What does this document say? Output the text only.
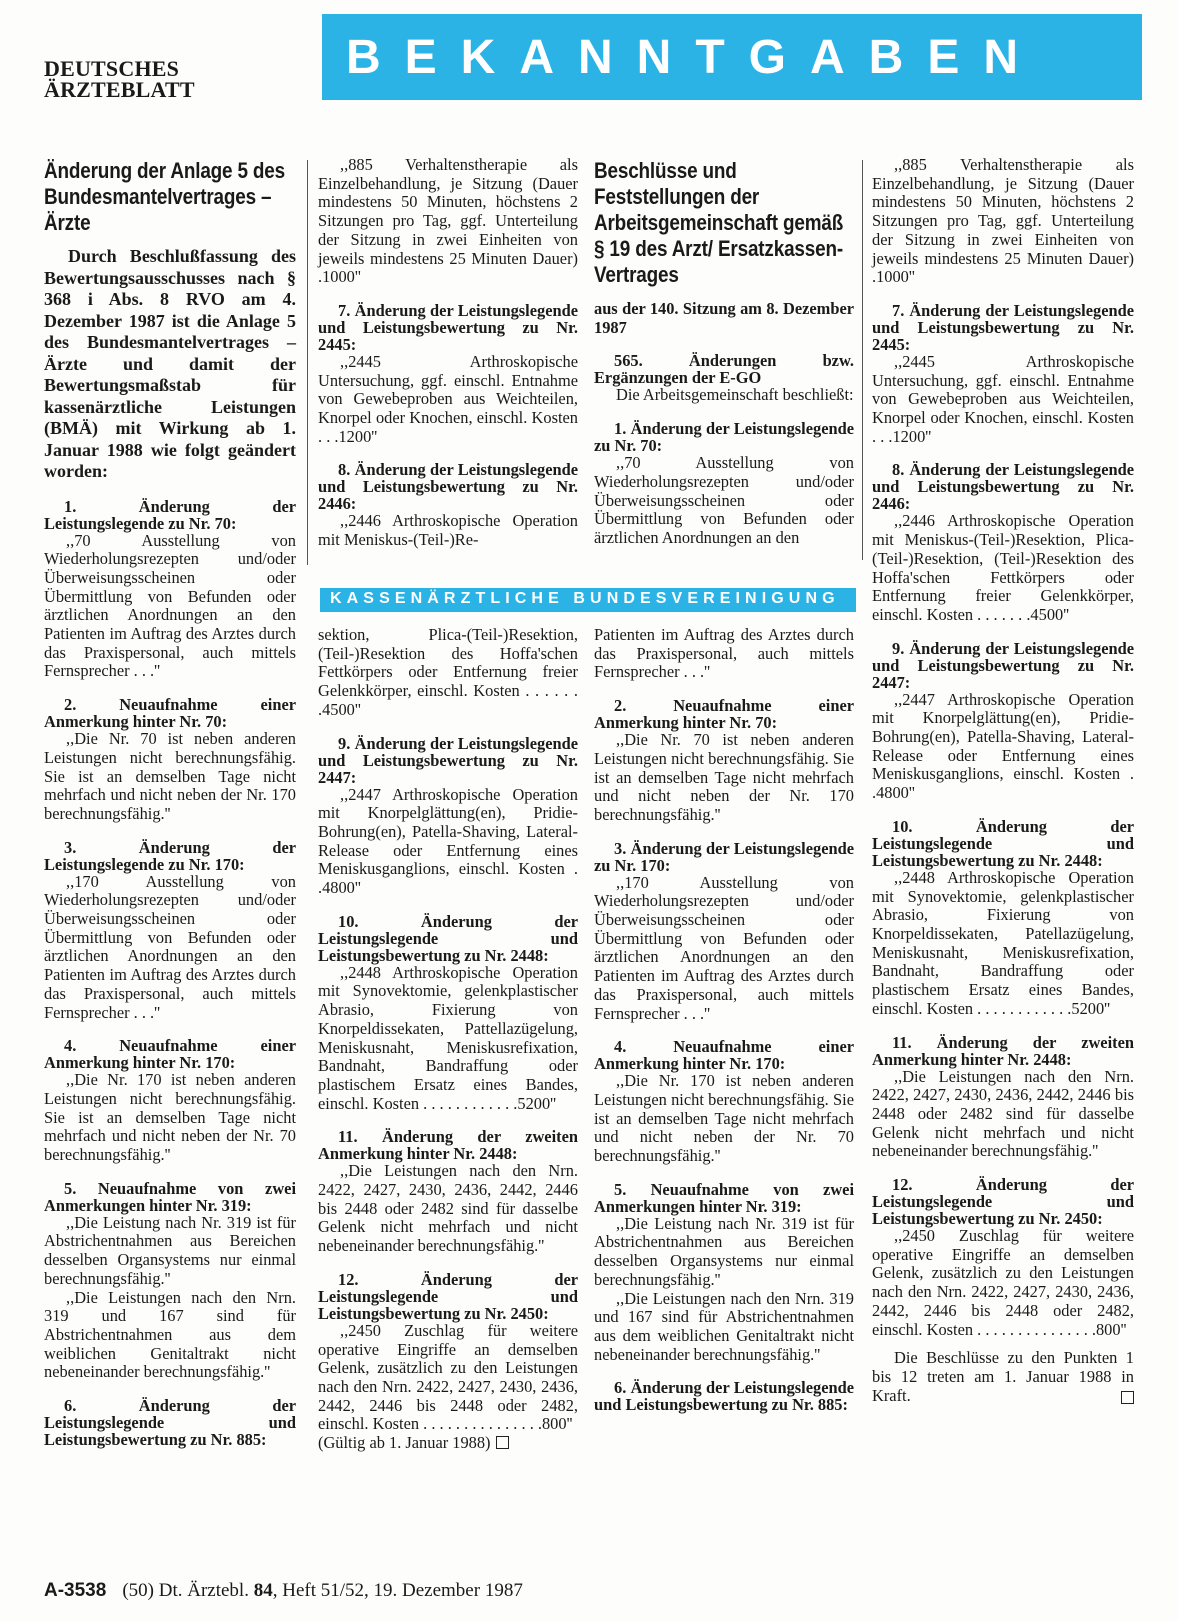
DEUTSCHES
ÄRZTEBLATT
BEKANNTGABEN

Änderung der Anlage 5 des Bundesmantelvertrages – Ärzte

Durch Beschlußfassung des Bewertungsausschusses nach § 368 i Abs. 8 RVO am 4. Dezember 1987 ist die Anlage 5 des Bundesmantelvertrages – Ärzte und damit der Bewertungsmaßstab für kassenärztliche Leistungen (BMÄ) mit Wirkung ab 1. Januar 1988 wie folgt geändert worden:

1. Änderung der Leistungslegende zu Nr. 70:

,,70 Ausstellung von Wiederholungsrezepten und/oder Überweisungsscheinen oder Übermittlung von Befunden oder ärztlichen Anordnungen an den Patienten im Auftrag des Arztes durch das Praxispersonal, auch mittels Fernsprecher . . .''

2. Neuaufnahme einer Anmerkung hinter Nr. 70:

,,Die Nr. 70 ist neben anderen Leistungen nicht berechnungsfähig. Sie ist an demselben Tage nicht mehrfach und nicht neben der Nr. 170 berechnungsfähig.''

3. Änderung der Leistungslegende zu Nr. 170:

,,170 Ausstellung von Wiederholungsrezepten und/oder Überweisungsscheinen oder Übermittlung von Befunden oder ärztlichen Anordnungen an den Patienten im Auftrag des Arztes durch das Praxispersonal, auch mittels Fernsprecher . . .''

4. Neuaufnahme einer Anmerkung hinter Nr. 170:

,,Die Nr. 170 ist neben anderen Leistungen nicht berechnungsfähig. Sie ist an demselben Tage nicht mehrfach und nicht neben der Nr. 70 berechnungsfähig.''

5. Neuaufnahme von zwei Anmerkungen hinter Nr. 319:

,,Die Leistung nach Nr. 319 ist für Abstrichentnahmen aus Bereichen desselben Organsystems nur einmal berechnungsfähig.''

,,Die Leistungen nach den Nrn. 319 und 167 sind für Abstrichentnahmen aus dem weiblichen Genitaltrakt nicht nebeneinander berechnungsfähig.''

6. Änderung der Leistungslegende und Leistungsbewertung zu Nr. 885:

,,885 Verhaltenstherapie als Einzelbehandlung, je Sitzung (Dauer mindestens 50 Minuten, höchstens 2 Sitzungen pro Tag, ggf. Unterteilung der Sitzung in zwei Einheiten von jeweils mindestens 25 Minuten Dauer) .1000''

7. Änderung der Leistungslegende und Leistungsbewertung zu Nr. 2445:

,,2445 Arthroskopische Untersuchung, ggf. einschl. Entnahme von Gewebeproben aus Weichteilen, Knorpel oder Knochen, einschl. Kosten . . .1200''

8. Änderung der Leistungslegende und Leistungsbewertung zu Nr. 2446:

,,2446 Arthroskopische Operation mit Meniskus-(Teil-)Re-

Beschlüsse und Feststellungen der Arbeitsgemeinschaft gemäß § 19 des Arzt/ Ersatzkassen-Vertrages

aus der 140. Sitzung am 8. Dezember 1987

565. Änderungen bzw. Ergänzungen der E-GO

Die Arbeitsgemeinschaft beschließt:

1. Änderung der Leistungslegende zu Nr. 70:

,,70 Ausstellung von Wiederholungsrezepten und/oder Überweisungsscheinen oder Übermittlung von Befunden oder ärztlichen Anordnungen an den

KASSENÄRZTLICHE BUNDESVEREINIGUNG

sektion, Plica-(Teil-)Resektion, (Teil-)Resektion des Hoffa'schen Fettkörpers oder Entfernung freier Gelenkkörper, einschl. Kosten . . . . . . .4500''

9. Änderung der Leistungslegende und Leistungsbewertung zu Nr. 2447:

,,2447 Arthroskopische Operation mit Knorpelglättung(en), Pridie-Bohrung(en), Patella-Shaving, Lateral-Release oder Entfernung eines Meniskusganglions, einschl. Kosten . .4800''

10. Änderung der Leistungslegende und Leistungsbewertung zu Nr. 2448:

,,2448 Arthroskopische Operation mit Synovektomie, gelenkplastischer Abrasio, Fixierung von Knorpeldissekaten, Pattellazügelung, Meniskusnaht, Meniskusrefixation, Bandnaht, Bandraffung oder plastischem Ersatz eines Bandes, einschl. Kosten . . . . . . . . . . . .5200''

11. Änderung der zweiten Anmerkung hinter Nr. 2448:

,,Die Leistungen nach den Nrn. 2422, 2427, 2430, 2436, 2442, 2446 bis 2448 oder 2482 sind für dasselbe Gelenk nicht mehrfach und nicht nebeneinander berechnungsfähig.''

12. Änderung der Leistungslegende und Leistungsbewertung zu Nr. 2450:

,,2450 Zuschlag für weitere operative Eingriffe an demselben Gelenk, zusätzlich zu den Leistungen nach den Nrn. 2422, 2427, 2430, 2436, 2442, 2446 bis 2448 oder 2482, einschl. Kosten . . . . . . . . . . . . . . .800''

(Gültig ab 1. Januar 1988)

Patienten im Auftrag des Arztes durch das Praxispersonal, auch mittels Fernsprecher . . .''

2. Neuaufnahme einer Anmerkung hinter Nr. 70:

,,Die Nr. 70 ist neben anderen Leistungen nicht berechnungsfähig. Sie ist an demselben Tage nicht mehrfach und nicht neben der Nr. 170 berechnungsfähig.''

3. Änderung der Leistungslegende zu Nr. 170:

,,170 Ausstellung von Wiederholungsrezepten und/oder Überweisungsscheinen oder Übermittlung von Befunden oder ärztlichen Anordnungen an den Patienten im Auftrag des Arztes durch das Praxispersonal, auch mittels Fernsprecher . . .''

4. Neuaufnahme einer Anmerkung hinter Nr. 170:

,,Die Nr. 170 ist neben anderen Leistungen nicht berechnungsfähig. Sie ist an demselben Tage nicht mehrfach und nicht neben der Nr. 70 berechnungsfähig.''

5. Neuaufnahme von zwei Anmerkungen hinter Nr. 319:

,,Die Leistung nach Nr. 319 ist für Abstrichentnahmen aus Bereichen desselben Organsystems nur einmal berechnungsfähig.''

,,Die Leistungen nach den Nrn. 319 und 167 sind für Abstrichentnahmen aus dem weiblichen Genitaltrakt nicht nebeneinander berechnungsfähig.''

6. Änderung der Leistungslegende und Leistungsbewertung zu Nr. 885:

,,885 Verhaltenstherapie als Einzelbehandlung, je Sitzung (Dauer mindestens 50 Minuten, höchstens 2 Sitzungen pro Tag, ggf. Unterteilung der Sitzung in zwei Einheiten von jeweils mindestens 25 Minuten Dauer) .1000''

7. Änderung der Leistungslegende und Leistungsbewertung zu Nr. 2445:

,,2445 Arthroskopische Untersuchung, ggf. einschl. Entnahme von Gewebeproben aus Weichteilen, Knorpel oder Knochen, einschl. Kosten . . .1200''

8. Änderung der Leistungslegende und Leistungsbewertung zu Nr. 2446:

,,2446 Arthroskopische Operation mit Meniskus-(Teil-)Resektion, Plica-(Teil-)Resektion, (Teil-)Resektion des Hoffa'schen Fettkörpers oder Entfernung freier Gelenkkörper, einschl. Kosten . . . . . . .4500''

9. Änderung der Leistungslegende und Leistungsbewertung zu Nr. 2447:

,,2447 Arthroskopische Operation mit Knorpelglättung(en), Pridie-Bohrung(en), Patella-Shaving, Lateral-Release oder Entfernung eines Meniskusganglions, einschl. Kosten . .4800''

10. Änderung der Leistungslegende und Leistungsbewertung zu Nr. 2448:

,,2448 Arthroskopische Operation mit Synovektomie, gelenkplastischer Abrasio, Fixierung von Knorpeldissekaten, Patellazügelung, Meniskusnaht, Meniskusrefixation, Bandnaht, Bandraffung oder plastischem Ersatz eines Bandes, einschl. Kosten . . . . . . . . . . . .5200''

11. Änderung der zweiten Anmerkung hinter Nr. 2448:

,,Die Leistungen nach den Nrn. 2422, 2427, 2430, 2436, 2442, 2446 bis 2448 oder 2482 sind für dasselbe Gelenk nicht mehrfach und nicht nebeneinander berechnungsfähig.''

12. Änderung der Leistungslegende und Leistungsbewertung zu Nr. 2450:

,,2450 Zuschlag für weitere operative Eingriffe an demselben Gelenk, zusätzlich zu den Leistungen nach den Nrn. 2422, 2427, 2430, 2436, 2442, 2446 bis 2448 oder 2482, einschl. Kosten . . . . . . . . . . . . . . .800''

Die Beschlüsse zu den Punkten 1 bis 12 treten am 1. Januar 1988 in Kraft.

A-3538 (50) Dt. Ärztebl. 84, Heft 51/52, 19. Dezember 1987
